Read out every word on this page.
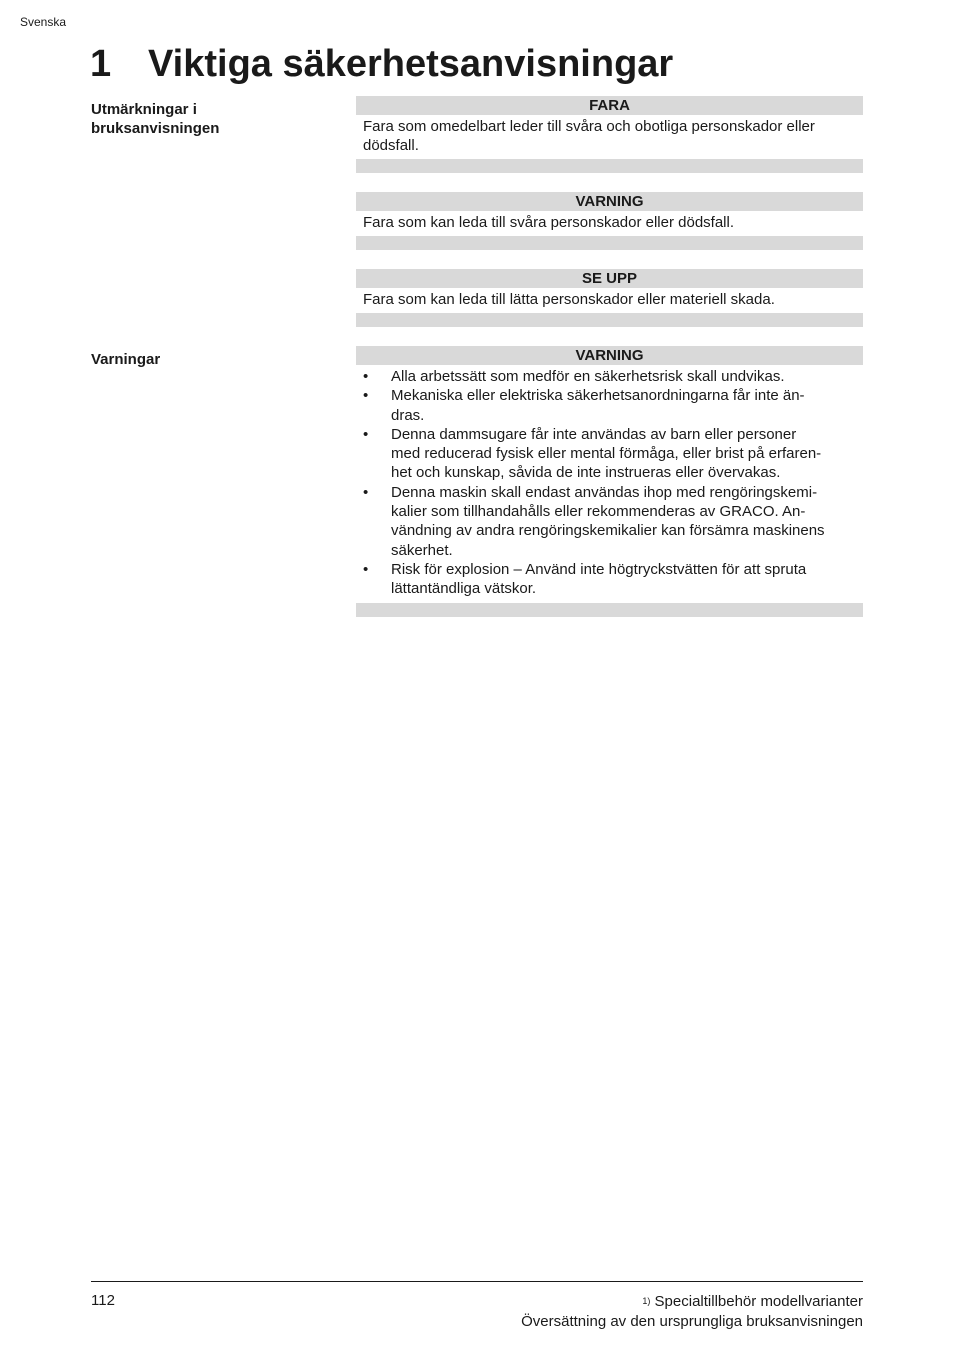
Svenska
1 Viktiga säkerhetsanvisningar
Utmärkningar i
bruksanvisningen
Varningar
FARA
Fara som omedelbart leder till svåra och obotliga personskador eller
dödsfall.
VARNING
Fara som kan leda till svåra personskador eller dödsfall.
SE UPP
Fara som kan leda till lätta personskador eller materiell skada.
VARNING
• Alla arbetssätt som medför en säkerhetsrisk skall undvikas.
• Mekaniska eller elektriska säkerhetsanordningarna får inte än-
dras.
• Denna dammsugare får inte användas av barn eller personer
med reducerad fysisk eller mental förmåga, eller brist på erfaren-
het och kunskap, såvida de inte instrueras eller övervakas.
• Denna maskin skall endast användas ihop med rengöringskemi-
kalier som tillhandahålls eller rekommenderas av GRACO. An-
vändning av andra rengöringskemikalier kan försämra maskinens
säkerhet.
• Risk för explosion – Använd inte högtryckstvätten för att spruta
lättantändliga vätskor.
112	$^{1)}$ Specialtillbehör modellvarianter
Översättning av den ursprungliga bruksanvisningen
